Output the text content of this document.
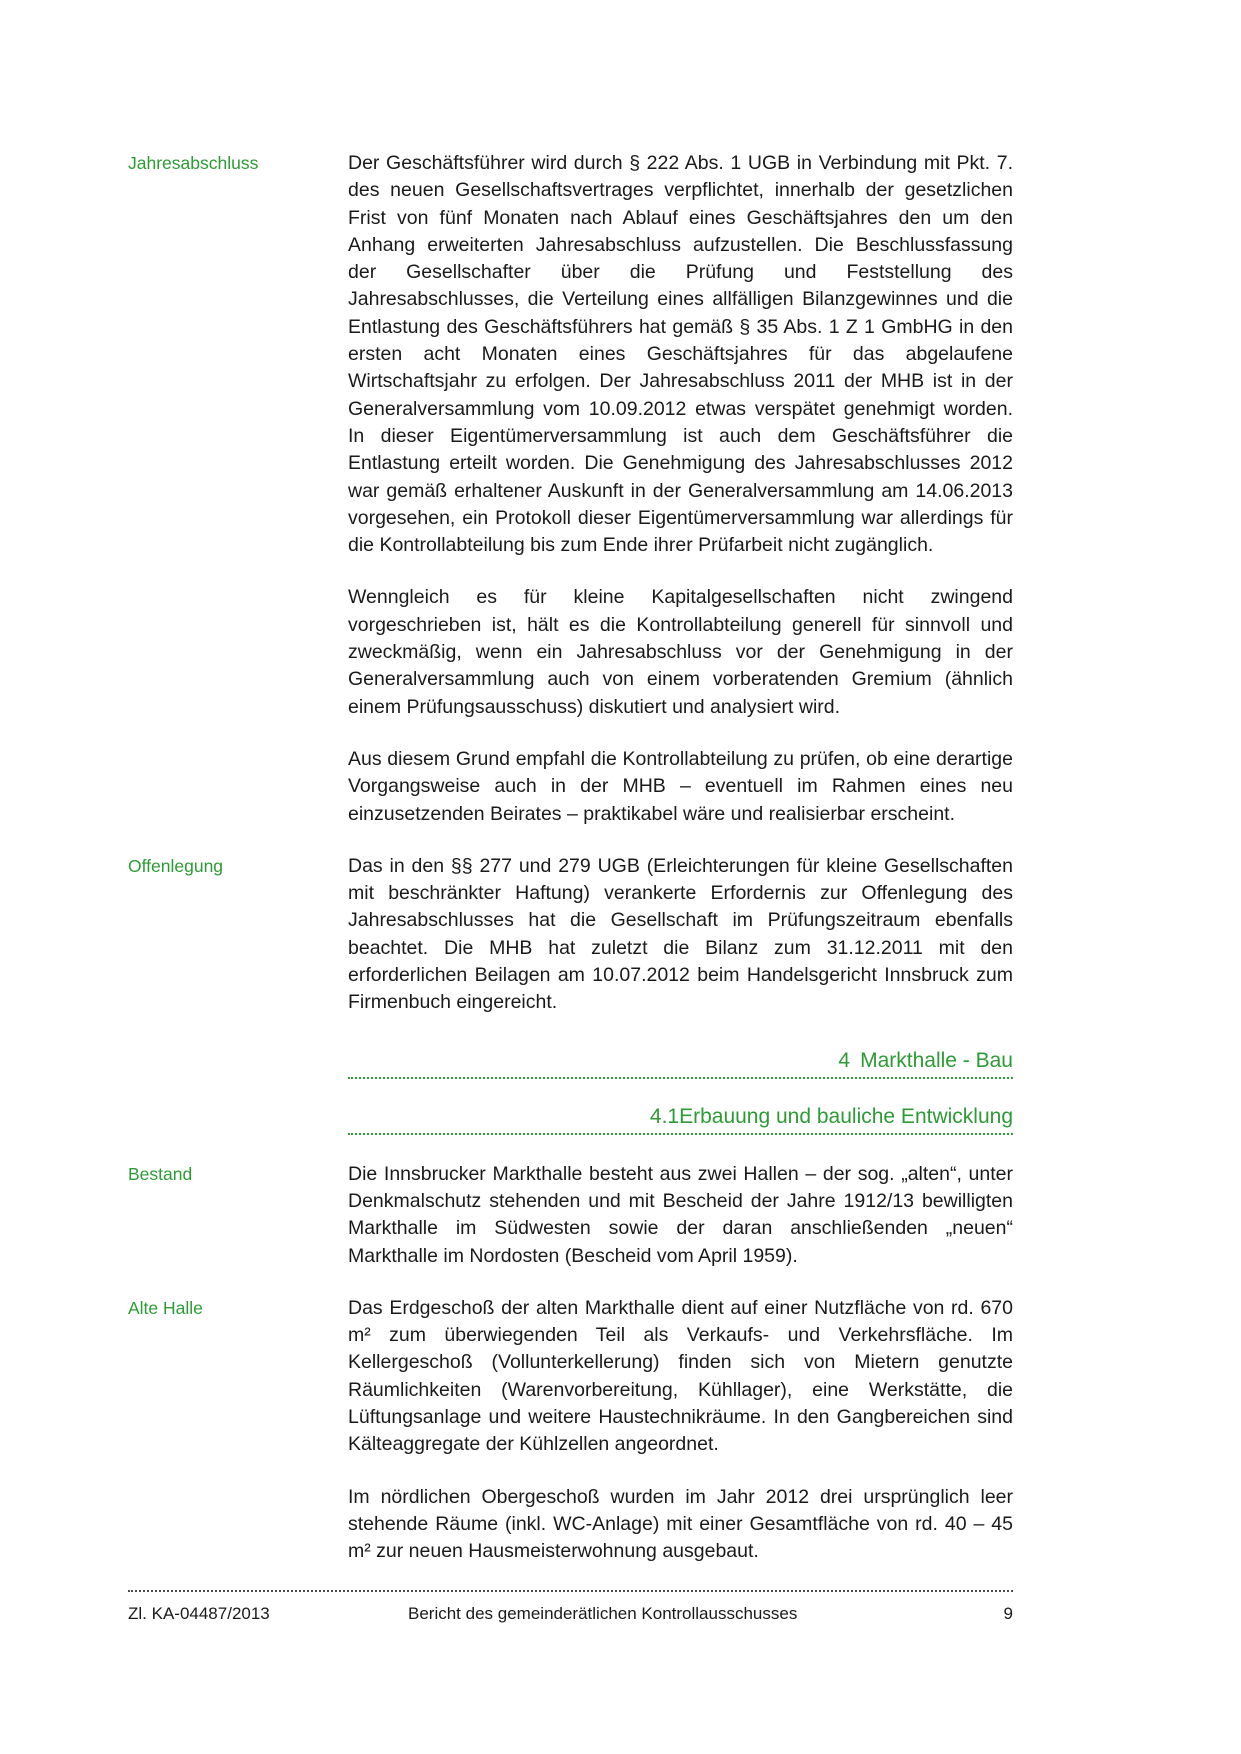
Jahresabschluss	Der Geschäftsführer wird durch § 222 Abs. 1 UGB in Verbindung mit Pkt. 7. des neuen Gesellschaftsvertrages verpflichtet, innerhalb der gesetzlichen Frist von fünf Monaten nach Ablauf eines Geschäftsjahres den um den Anhang erweiterten Jahresabschluss aufzustellen. Die Beschlussfassung der Gesellschafter über die Prüfung und Feststellung des Jahresabschlusses, die Verteilung eines allfälligen Bilanzgewinnes und die Entlastung des Geschäftsführers hat gemäß § 35 Abs. 1 Z 1 GmbHG in den ersten acht Monaten eines Geschäftsjahres für das abgelaufene Wirtschaftsjahr zu erfolgen. Der Jahresabschluss 2011 der MHB ist in der Generalversammlung vom 10.09.2012 etwas verspätet genehmigt worden. In dieser Eigentümerversammlung ist auch dem Geschäftsführer die Entlastung erteilt worden. Die Genehmigung des Jahresabschlusses 2012 war gemäß erhaltener Auskunft in der Generalversammlung am 14.06.2013 vorgesehen, ein Protokoll dieser Eigentümerversammlung war allerdings für die Kontrollabteilung bis zum Ende ihrer Prüfarbeit nicht zugänglich.

Wenngleich es für kleine Kapitalgesellschaften nicht zwingend vorgeschrieben ist, hält es die Kontrollabteilung generell für sinnvoll und zweckmäßig, wenn ein Jahresabschluss vor der Genehmigung in der Generalversammlung auch von einem vorberatenden Gremium (ähnlich einem Prüfungsausschuss) diskutiert und analysiert wird.

Aus diesem Grund empfahl die Kontrollabteilung zu prüfen, ob eine derartige Vorgangsweise auch in der MHB – eventuell im Rahmen eines neu einzusetzenden Beirates – praktikabel wäre und realisierbar erscheint.

Offenlegung	Das in den §§ 277 und 279 UGB (Erleichterungen für kleine Gesellschaften mit beschränkter Haftung) verankerte Erfordernis zur Offenlegung des Jahresabschlusses hat die Gesellschaft im Prüfungszeitraum ebenfalls beachtet. Die MHB hat zuletzt die Bilanz zum 31.12.2011 mit den erforderlichen Beilagen am 10.07.2012 beim Handelsgericht Innsbruck zum Firmenbuch eingereicht.

4 Markthalle - Bau
4.1Erbauung und bauliche Entwicklung
Bestand	Die Innsbrucker Markthalle besteht aus zwei Hallen – der sog. „alten“, unter Denkmalschutz stehenden und mit Bescheid der Jahre 1912/13 bewilligten Markthalle im Südwesten sowie der daran anschließenden „neuen“ Markthalle im Nordosten (Bescheid vom April 1959).

Alte Halle	Das Erdgeschoß der alten Markthalle dient auf einer Nutzfläche von rd. 670 m² zum überwiegenden Teil als Verkaufs- und Verkehrsfläche. Im Kellergeschoß (Vollunterkellerung) finden sich von Mietern genutzte Räumlichkeiten (Warenvorbereitung, Kühllager), eine Werkstätte, die Lüftungsanlage und weitere Haustechnikräume. In den Gangbereichen sind Kälteaggregate der Kühlzellen angeordnet.

Im nördlichen Obergeschoß wurden im Jahr 2012 drei ursprünglich leer stehende Räume (inkl. WC-Anlage) mit einer Gesamtfläche von rd. 40 – 45 m² zur neuen Hausmeisterwohnung ausgebaut.

Zl. KA-04487/2013	Bericht des gemeinderätlichen Kontrollausschusses	9
